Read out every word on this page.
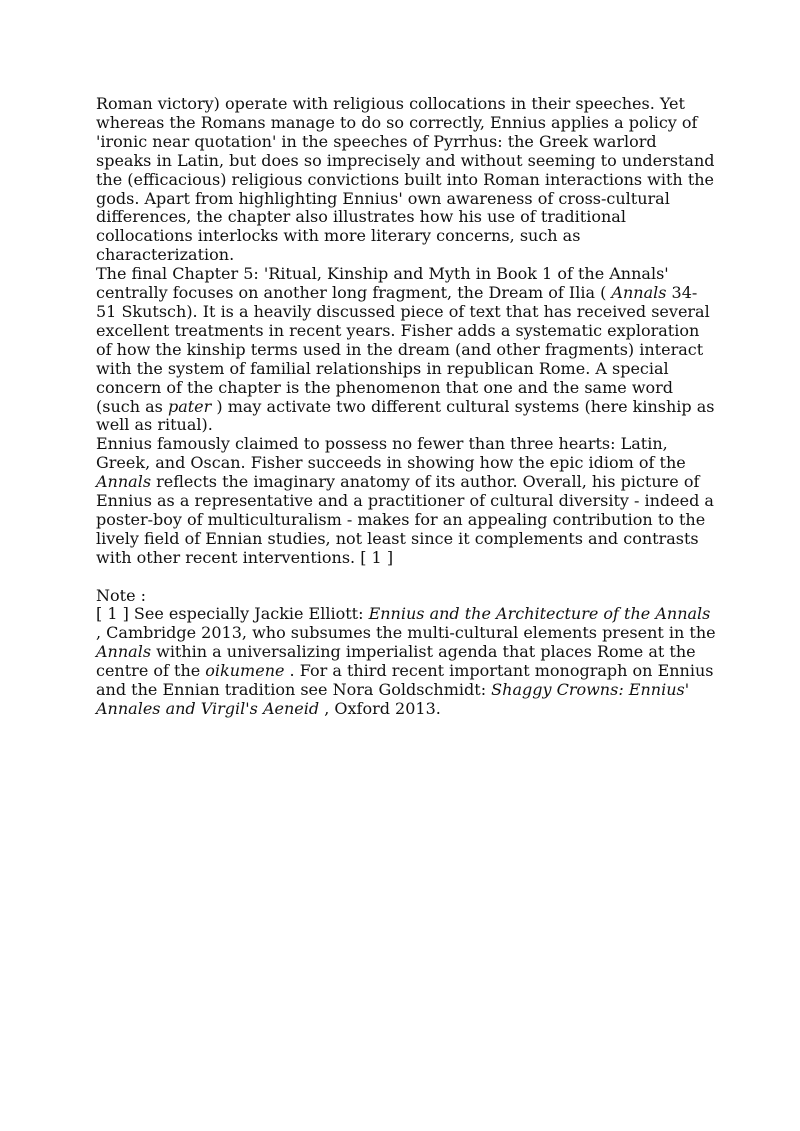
Roman victory) operate with religious collocations in their speeches. Yet whereas the Romans manage to do so correctly, Ennius applies a policy of 'ironic near quotation' in the speeches of Pyrrhus: the Greek warlord speaks in Latin, but does so imprecisely and without seeming to understand the (efficacious) religious convictions built into Roman interactions with the gods. Apart from highlighting Ennius' own awareness of cross-cultural differences, the chapter also illustrates how his use of traditional collocations interlocks with more literary concerns, such as characterization.

The final Chapter 5: 'Ritual, Kinship and Myth in Book 1 of the Annals' centrally focuses on another long fragment, the Dream of Ilia ( Annals 34-51 Skutsch). It is a heavily discussed piece of text that has received several excellent treatments in recent years. Fisher adds a systematic exploration of how the kinship terms used in the dream (and other fragments) interact with the system of familial relationships in republican Rome. A special concern of the chapter is the phenomenon that one and the same word (such as pater ) may activate two different cultural systems (here kinship as well as ritual).

Ennius famously claimed to possess no fewer than three hearts: Latin, Greek, and Oscan. Fisher succeeds in showing how the epic idiom of the Annals reflects the imaginary anatomy of its author. Overall, his picture of Ennius as a representative and a practitioner of cultural diversity - indeed a poster-boy of multiculturalism - makes for an appealing contribution to the lively field of Ennian studies, not least since it complements and contrasts with other recent interventions. [ 1 ]

Note :

[ 1 ] See especially Jackie Elliott: Ennius and the Architecture of the Annals , Cambridge 2013, who subsumes the multi-cultural elements present in the Annals within a universalizing imperialist agenda that places Rome at the centre of the oikumene . For a third recent important monograph on Ennius and the Ennian tradition see Nora Goldschmidt: Shaggy Crowns: Ennius' Annales and Virgil's Aeneid , Oxford 2013.
